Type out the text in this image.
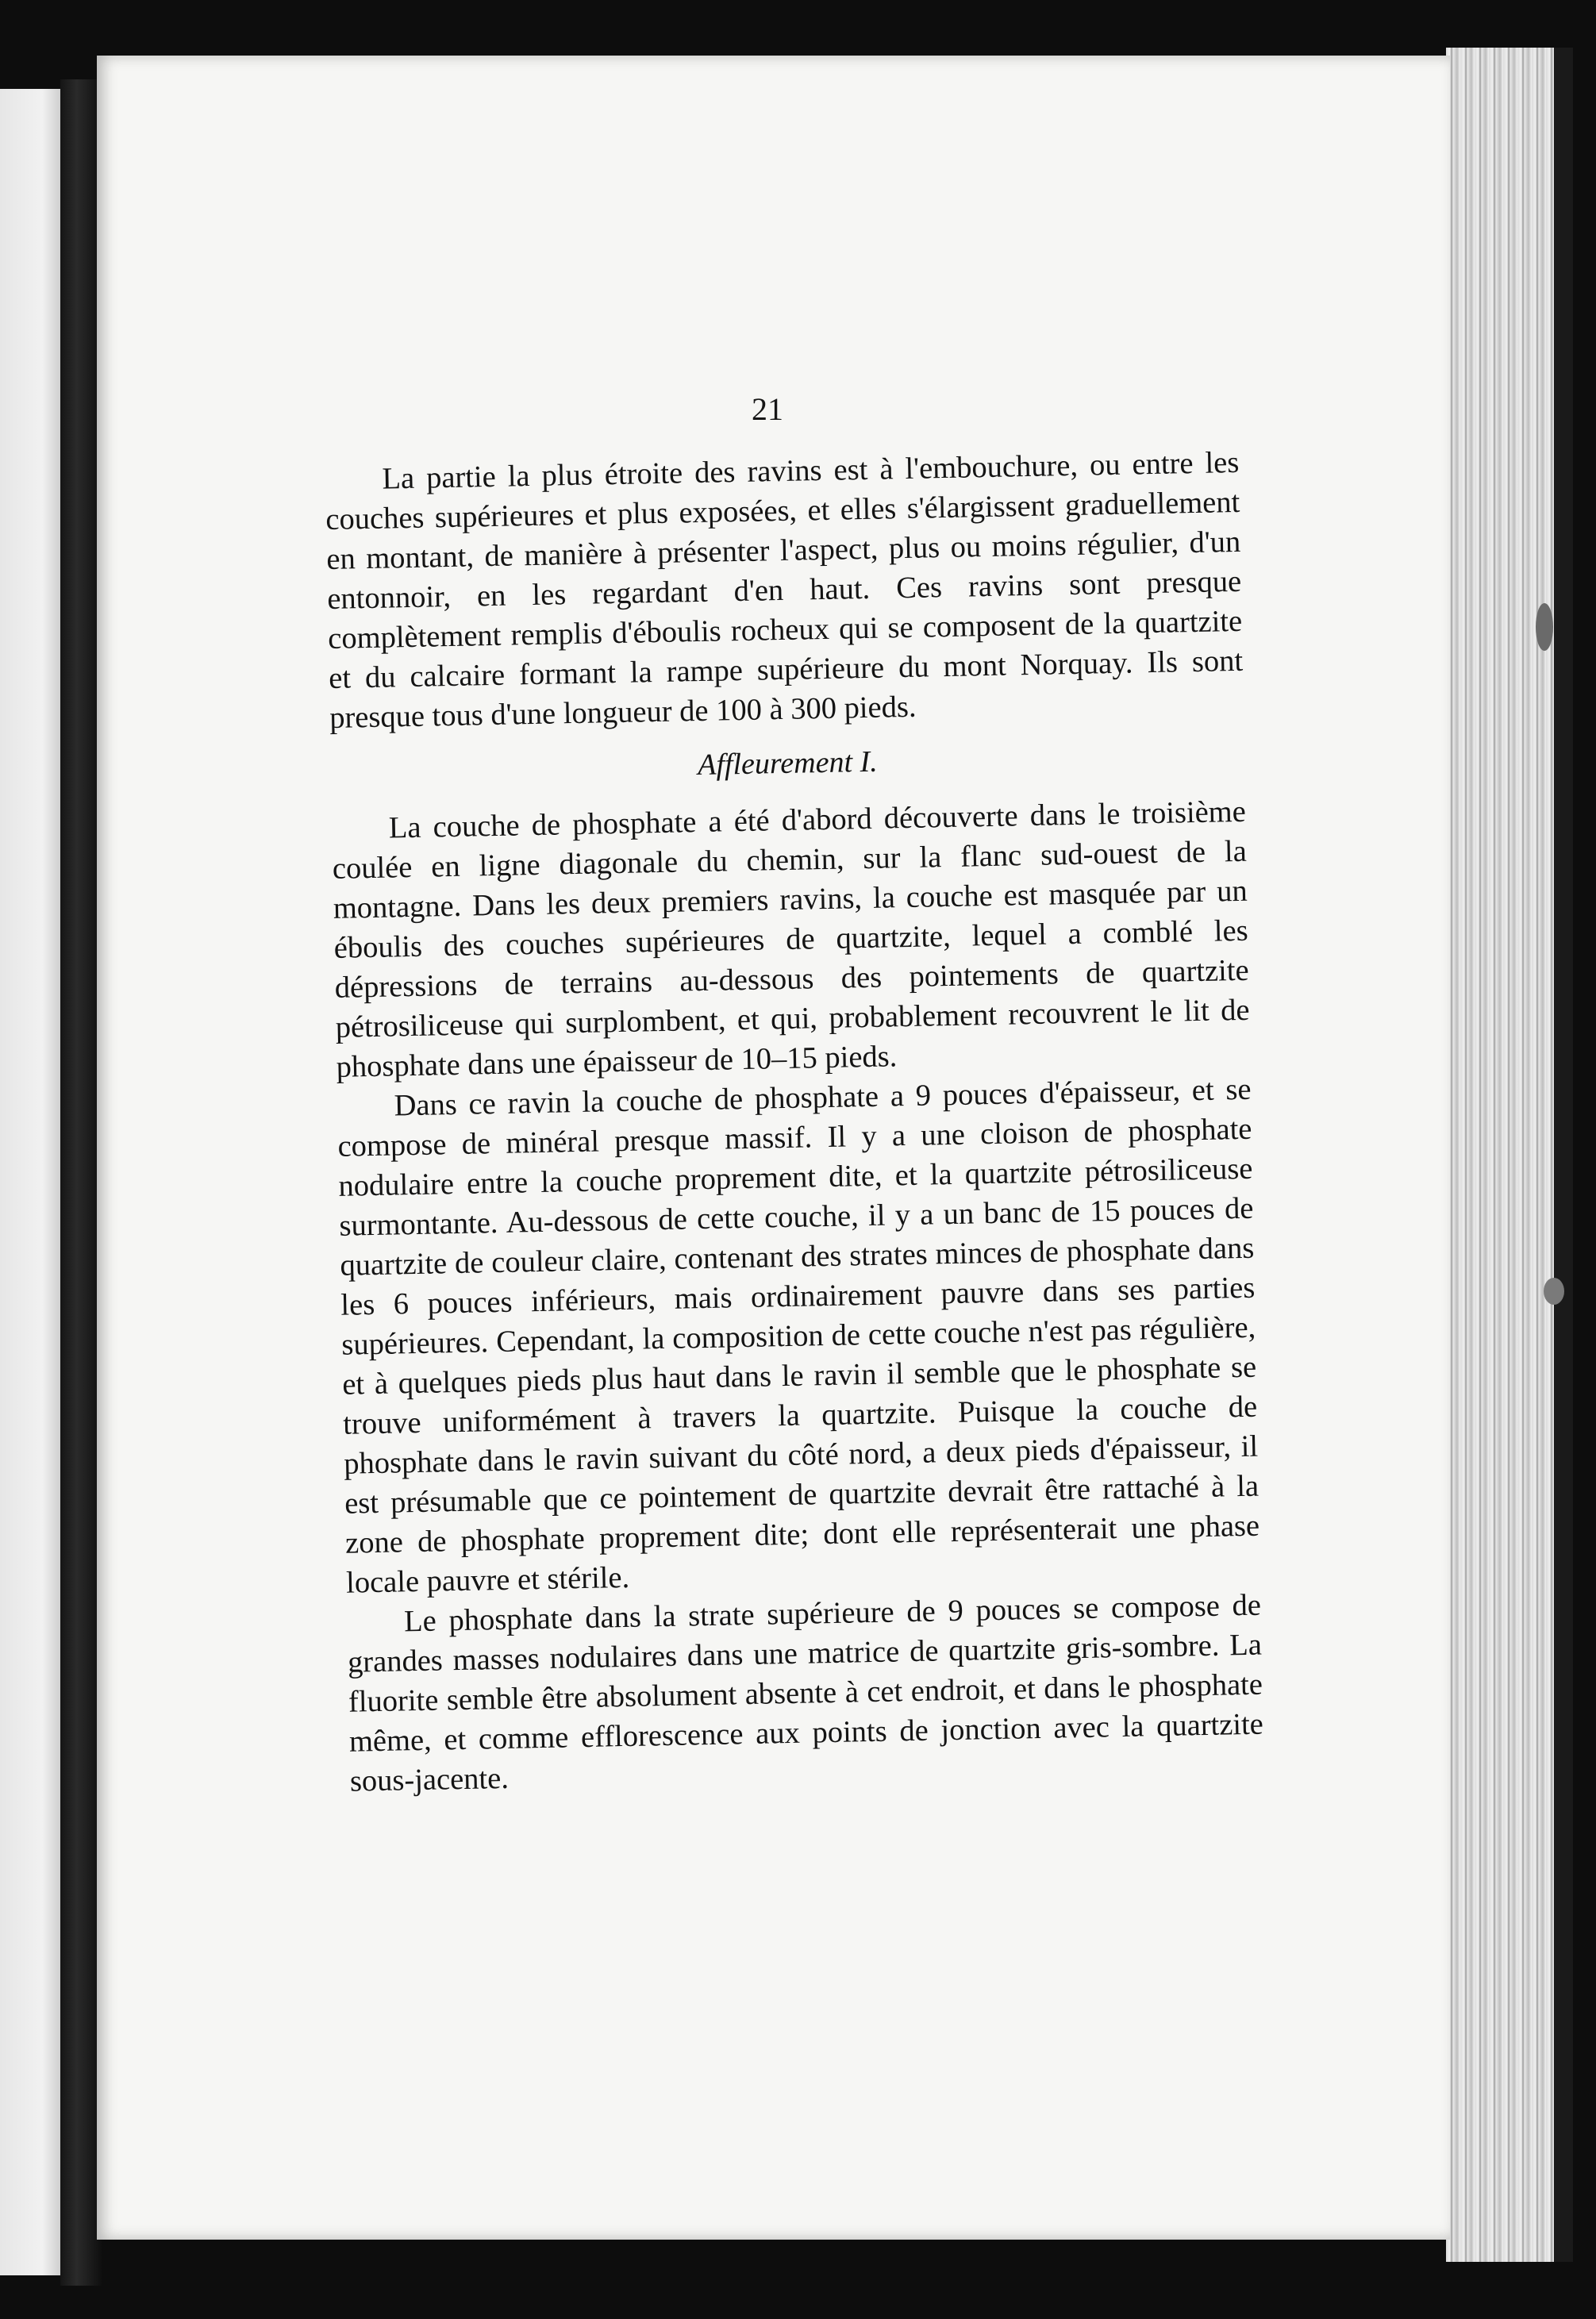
21

La partie la plus étroite des ravins est à l'embouchure, ou entre les couches supérieures et plus exposées, et elles s'élargissent graduellement en montant, de manière à présenter l'aspect, plus ou moins régulier, d'un entonnoir, en les regardant d'en haut. Ces ravins sont presque complètement remplis d'éboulis rocheux qui se composent de la quartzite et du calcaire formant la rampe supérieure du mont Norquay. Ils sont presque tous d'une longueur de 100 à 300 pieds.

Affleurement I.

La couche de phosphate a été d'abord découverte dans le troisième coulée en ligne diagonale du chemin, sur la flanc sud-ouest de la montagne. Dans les deux premiers ravins, la couche est masquée par un éboulis des couches supérieures de quartzite, lequel a comblé les dépressions de terrains au-dessous des pointements de quartzite pétrosiliceuse qui surplombent, et qui, probablement recouvrent le lit de phosphate dans une épaisseur de 10–15 pieds.

Dans ce ravin la couche de phosphate a 9 pouces d'épaisseur, et se compose de minéral presque massif. Il y a une cloison de phosphate nodulaire entre la couche proprement dite, et la quartzite pétrosiliceuse surmontante. Au-dessous de cette couche, il y a un banc de 15 pouces de quartzite de couleur claire, contenant des strates minces de phosphate dans les 6 pouces inférieurs, mais ordinairement pauvre dans ses parties supérieures. Cependant, la composition de cette couche n'est pas régulière, et à quelques pieds plus haut dans le ravin il semble que le phosphate se trouve uniformément à travers la quartzite. Puisque la couche de phosphate dans le ravin suivant du côté nord, a deux pieds d'épaisseur, il est présumable que ce pointement de quartzite devrait être rattaché à la zone de phosphate proprement dite; dont elle représenterait une phase locale pauvre et stérile.

Le phosphate dans la strate supérieure de 9 pouces se compose de grandes masses nodulaires dans une matrice de quartzite gris-sombre. La fluorite semble être absolument absente à cet endroit, et dans le phosphate même, et comme efflorescence aux points de jonction avec la quartzite sous-jacente.
